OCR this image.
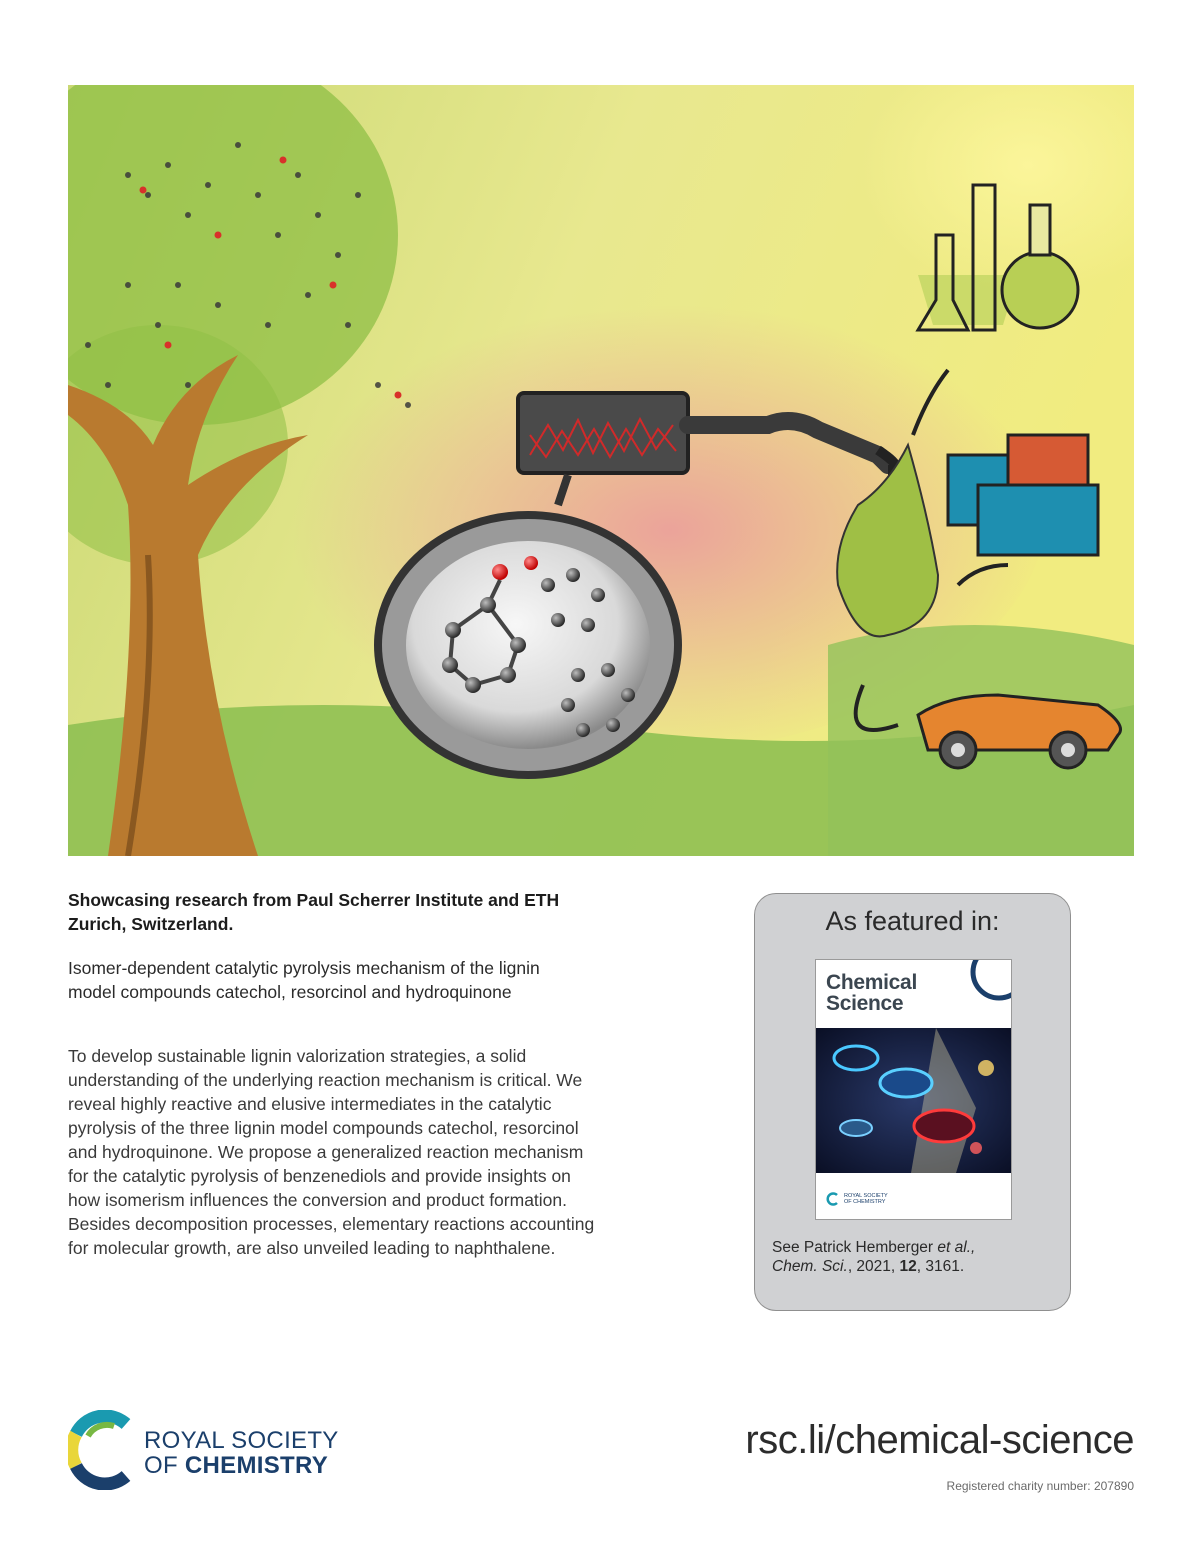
Showcasing research from Paul Scherrer Institute and ETH Zurich, Switzerland.

Isomer-dependent catalytic pyrolysis mechanism of the lignin model compounds catechol, resorcinol and hydroquinone

To develop sustainable lignin valorization strategies, a solid understanding of the underlying reaction mechanism is critical. We reveal highly reactive and elusive intermediates in the catalytic pyrolysis of the three lignin model compounds catechol, resorcinol and hydroquinone. We propose a generalized reaction mechanism for the catalytic pyrolysis of benzenediols and provide insights on how isomerism influences the conversion and product formation. Besides decomposition processes, elementary reactions accounting for molecular growth, are also unveiled leading to naphthalene.

As featured in:
Chemical
Science
ROYAL SOCIETY
OF CHEMISTRY
See Patrick Hemberger et al.,
Chem. Sci., 2021, 12, 3161.
ROYAL SOCIETY
OF CHEMISTRY
rsc.li/chemical-science
Registered charity number: 207890
